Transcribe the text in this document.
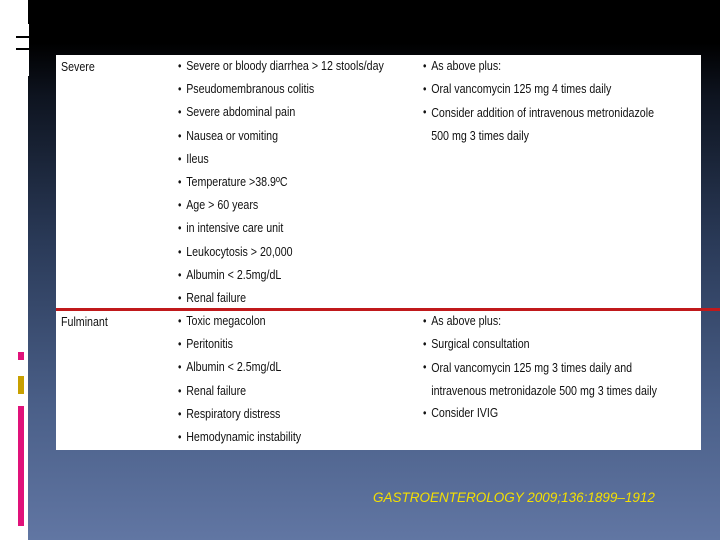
Severe	• Severe or bloody diarrhea > 12 stools/day
• Pseudomembranous colitis
• Severe abdominal pain
• Nausea or vomiting
• Ileus
• Temperature >38.9ºC
• Age > 60 years
• in intensive care unit
• Leukocytosis > 20,000
• Albumin < 2.5mg/dL
• Renal failure
• As above plus:
• Oral vancomycin 125 mg 4 times daily
• Consider addition of intravenous metronidazole 500 mg 3 times daily
Fulminant	• Toxic megacolon
• Peritonitis
• Albumin < 2.5mg/dL
• Renal failure
• Respiratory distress
• Hemodynamic instability
• As above plus:
• Surgical consultation
• Oral vancomycin 125 mg 3 times daily and intravenous metronidazole 500 mg 3 times daily
• Consider IVIG
GASTROENTEROLOGY 2009;136:1899–1912
